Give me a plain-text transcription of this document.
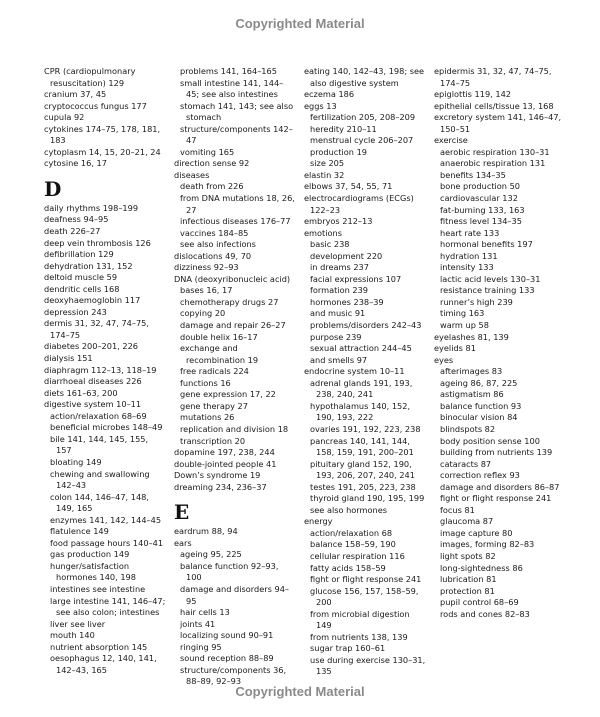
Copyrighted Material
CPR (cardiopulmonary
resuscitation) 129
cranium 37, 45
cryptococcus fungus 177
cupula 92
cytokines 174–75, 178, 181, 183
cytoplasm 14, 15, 20–21, 24
cytosine 16, 17
D
daily rhythms 198–199
deafness 94–95
death 226–27
deep vein thrombosis 126
defibrillation 129
dehydration 131, 152
deltoid muscle 59
dendritic cells 168
deoxyhaemoglobin 117
depression 243
dermis 31, 32, 47, 74–75, 174–75
diabetes 200–201, 226
dialysis 151
diaphragm 112–13, 118–19
diarrhoeal diseases 226
diets 161–63, 200
digestive system 10–11
action/relaxation 68–69
beneficial microbes 148–49
bile 141, 144, 145, 155, 157
bloating 149
chewing and swallowing 142–43
colon 144, 146–47, 148, 149, 165
enzymes 141, 142, 144–45
flatulence 149
food passage hours 140–41
gas production 149
hunger/satisfaction hormones 140, 198
intestines see intestine
large intestine 141, 146–47; see also colon; intestines
liver see liver
mouth 140
nutrient absorption 145
oesophagus 12, 140, 141, 142–43, 165
problems 141, 164–165
small intestine 141, 144–45; see also intestines
stomach 141, 143; see also stomach
structure/components 142–47
vomiting 165
direction sense 92
diseases
death from 226
from DNA mutations 18, 26, 27
infectious diseases 176–77
vaccines 184–85
see also infections
dislocations 49, 70
dizziness 92–93
DNA (deoxyribonucleic acid)
bases 16, 17
chemotherapy drugs 27
copying 20
damage and repair 26–27
double helix 16–17
exchange and recombination 19
free radicals 224
functions 16
gene expression 17, 22
gene therapy 27
mutations 26
replication and division 18
transcription 20
dopamine 197, 238, 244
double-jointed people 41
Down’s syndrome 19
dreaming 234, 236–37
E
eardrum 88, 94
ears
ageing 95, 225
balance function 92–93, 100
damage and disorders 94–95
hair cells 13
joints 41
localizing sound 90–91
ringing 95
sound reception 88–89
structure/components 36, 88–89, 92–93
eating 140, 142–43, 198; see also digestive system
eczema 186
eggs 13
fertilization 205, 208–209
heredity 210–11
menstrual cycle 206–207
production 19
size 205
elastin 32
elbows 37, 54, 55, 71
electrocardiograms (ECGs) 122–23
embryos 212–13
emotions
basic 238
development 220
in dreams 237
facial expressions 107
formation 239
hormones 238–39
and music 91
problems/disorders 242–43
purpose 239
sexual attraction 244–45
and smells 97
endocrine system 10–11
adrenal glands 191, 193, 238, 240, 241
hypothalamus 140, 152, 190, 193, 222
ovaries 191, 192, 223, 238
pancreas 140, 141, 144, 158, 159, 191, 200–201
pituitary gland 152, 190, 193, 206, 207, 240, 241
testes 191, 205, 223, 238
thyroid gland 190, 195, 199
see also hormones
energy
action/relaxation 68
balance 158–59, 190
cellular respiration 116
fatty acids 158–59
fight or flight response 241
glucose 156, 157, 158–59, 200
from microbial digestion 149
from nutrients 138, 139
sugar trap 160–61
use during exercise 130–31, 135
epidermis 31, 32, 47, 74–75, 174–75
epiglottis 119, 142
epithelial cells/tissue 13, 168
excretory system 141, 146–47, 150–51
exercise
aerobic respiration 130–31
anaerobic respiration 131
benefits 134–35
bone production 50
cardiovascular 132
fat-burning 133, 163
fitness level 134–35
heart rate 133
hormonal benefits 197
hydration 131
intensity 133
lactic acid levels 130–31
resistance training 133
runner’s high 239
timing 163
warm up 58
eyelashes 81, 139
eyelids 81
eyes
afterimages 83
ageing 86, 87, 225
astigmatism 86
balance function 93
binocular vision 84
blindspots 82
body position sense 100
building from nutrients 139
cataracts 87
correction reflex 93
damage and disorders 86–87
fight or flight response 241
focus 81
glaucoma 87
image capture 80
images, forming 82–83
light spots 82
long-sightedness 86
lubrication 81
protection 81
pupil control 68–69
rods and cones 82–83
Copyrighted Material
